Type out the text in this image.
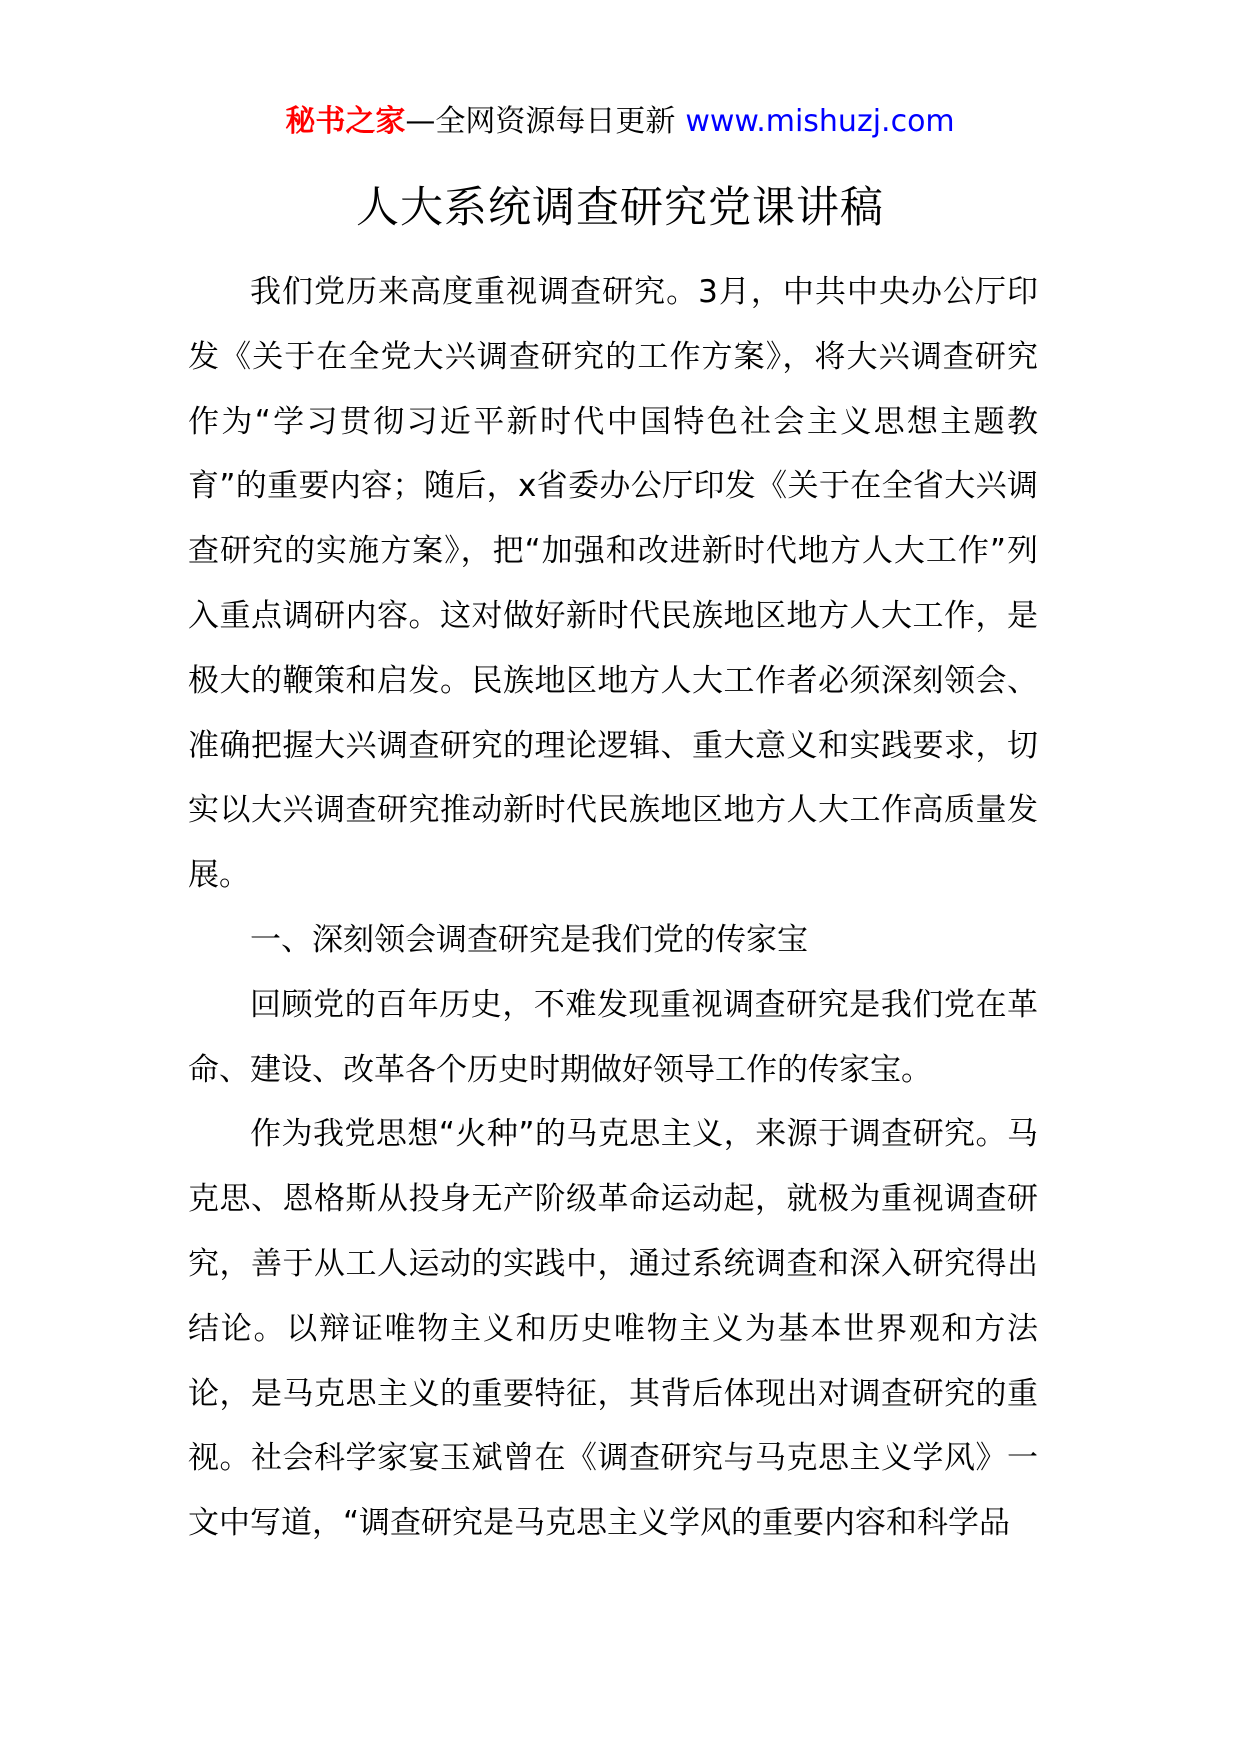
秘书之家—全网资源每日更新 www.mishuzj.com
人大系统调查研究党课讲稿

我们党历来高度重视调查研究。3月，中共中央办公厅印发《关于在全党大兴调查研究的工作方案》，将大兴调查研究作为“学习贯彻习近平新时代中国特色社会主义思想主题教育”的重要内容；随后，x省委办公厅印发《关于在全省大兴调查研究的实施方案》，把“加强和改进新时代地方人大工作”列入重点调研内容。这对做好新时代民族地区地方人大工作，是极大的鞭策和启发。民族地区地方人大工作者必须深刻领会、准确把握大兴调查研究的理论逻辑、重大意义和实践要求，切实以大兴调查研究推动新时代民族地区地方人大工作高质量发展。

一、深刻领会调查研究是我们党的传家宝

回顾党的百年历史，不难发现重视调查研究是我们党在革命、建设、改革各个历史时期做好领导工作的传家宝。

作为我党思想“火种”的马克思主义，来源于调查研究。马克思、恩格斯从投身无产阶级革命运动起，就极为重视调查研究，善于从工人运动的实践中，通过系统调查和深入研究得出结论。以辩证唯物主义和历史唯物主义为基本世界观和方法论，是马克思主义的重要特征，其背后体现出对调查研究的重视。社会科学家宴玉斌曾在《调查研究与马克思主义学风》一文中写道，“调查研究是马克思主义学风的重要内容和科学品
